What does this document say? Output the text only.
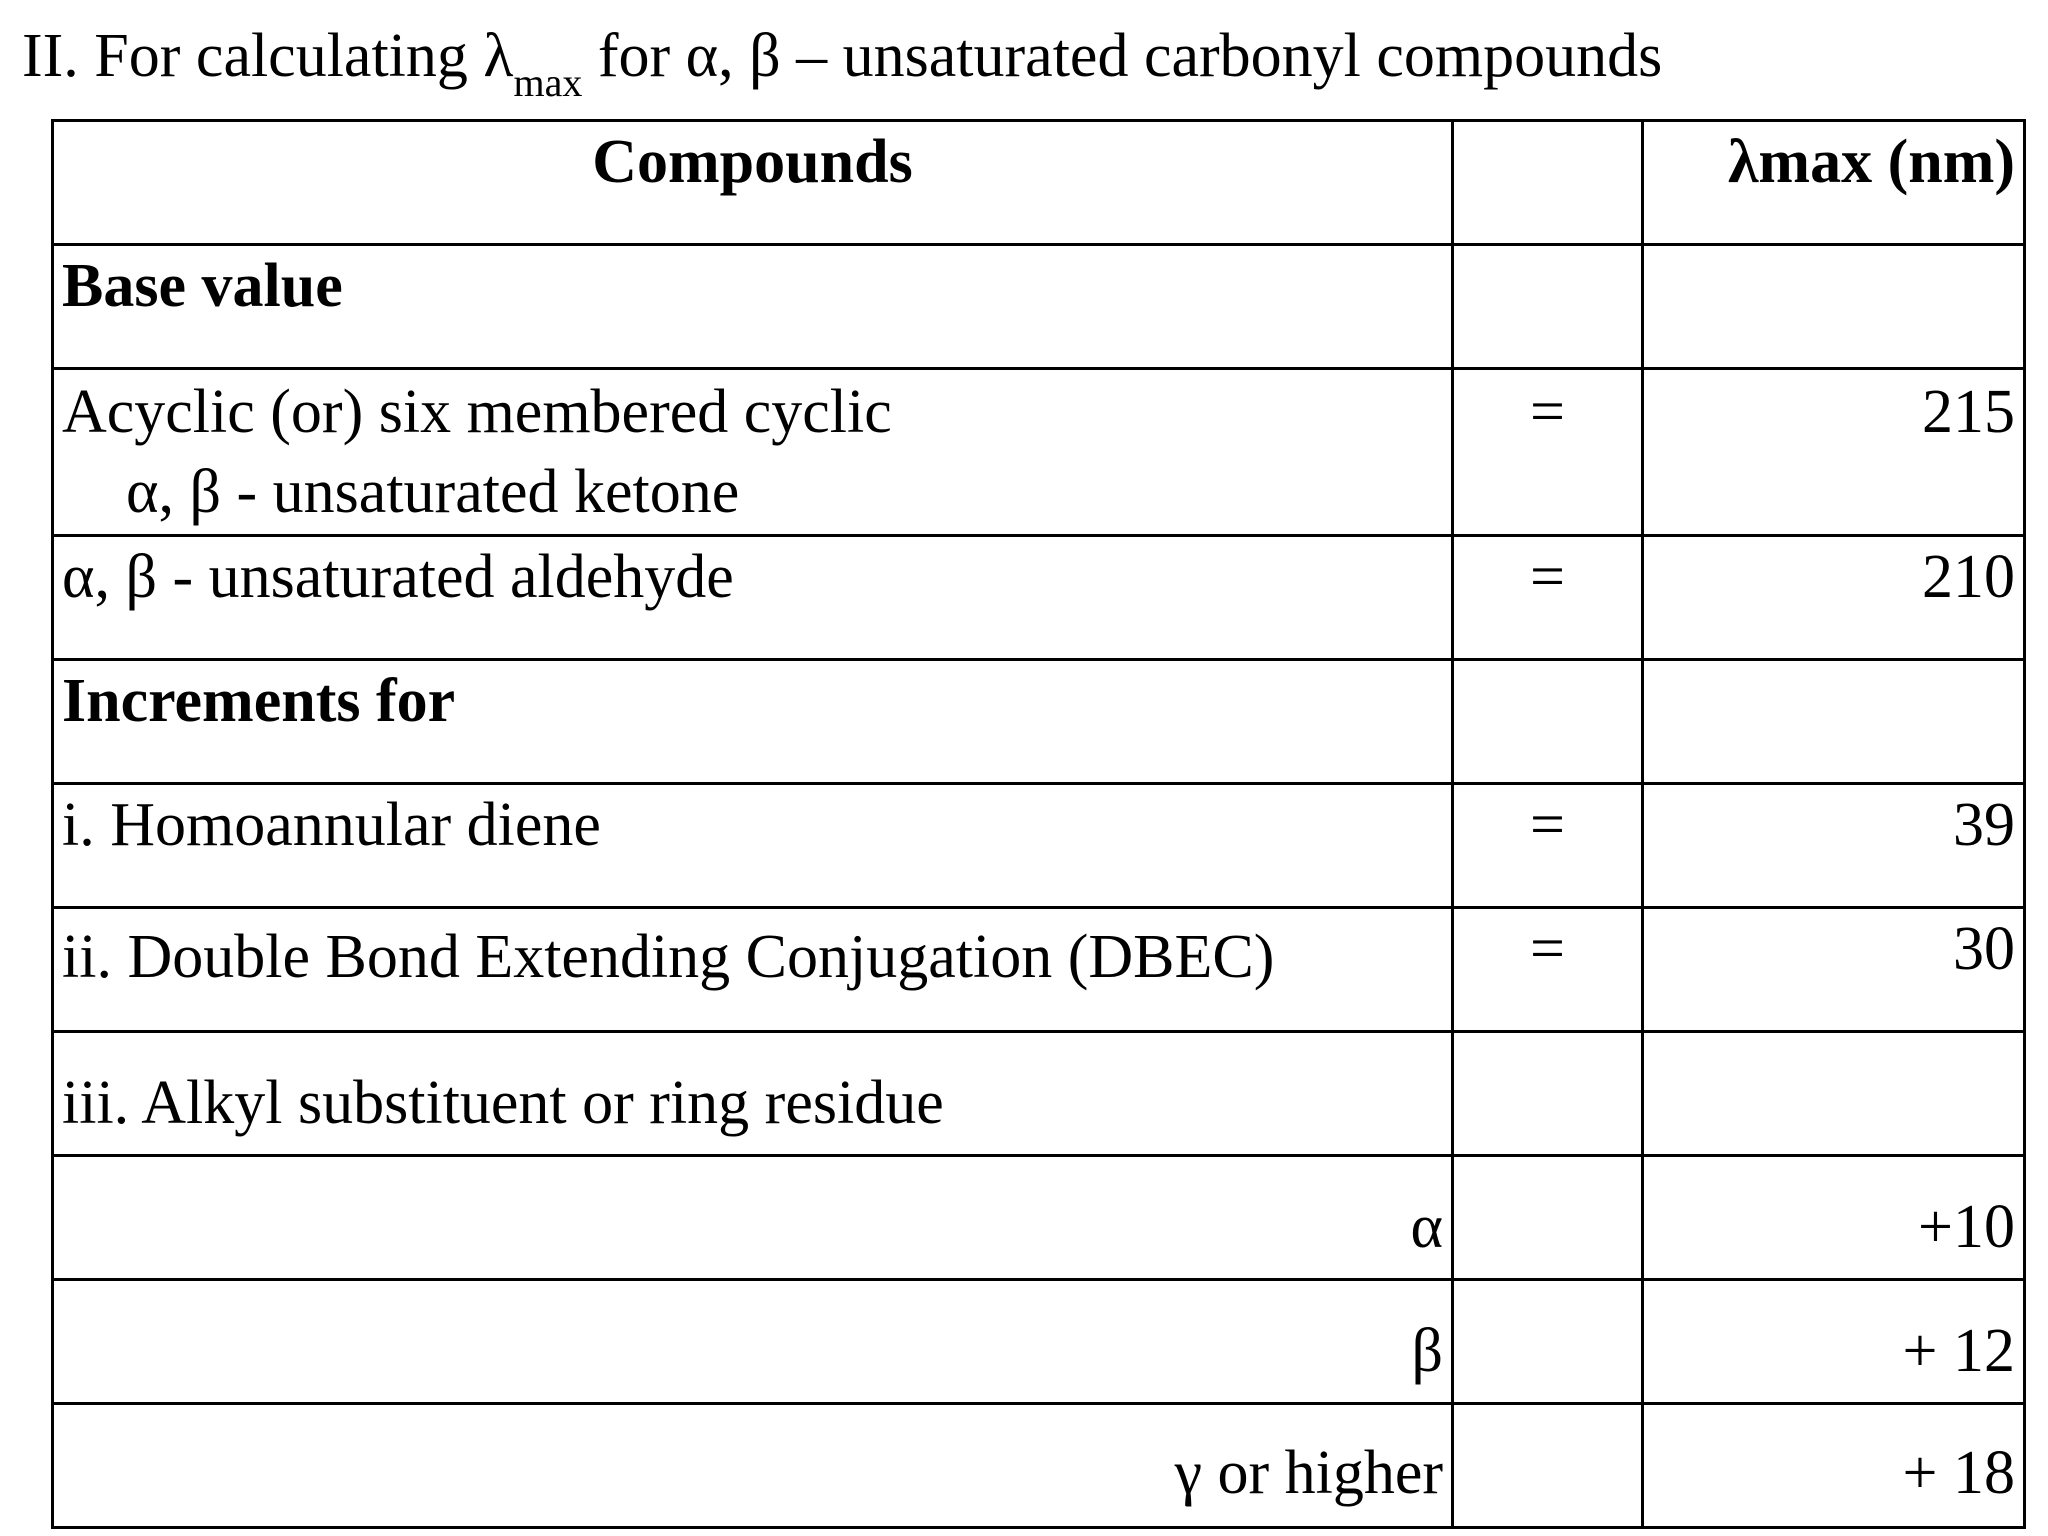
II. For calculating $\lambda_{max}$ for α, β – unsaturated carbonyl compounds
Compounds		λmax (nm)
Base value		

Acyclic (or) six membered cyclic
α, β - unsaturated ketone	=	215
α, β - unsaturated aldehyde	=	210
Increments for		
i. Homoannular diene	=	39
ii. Double Bond Extending Conjugation (DBEC)	=	30
iii. Alkyl substituent or ring residue		
α		+10
β		+ 12
γ or higher		+ 18
